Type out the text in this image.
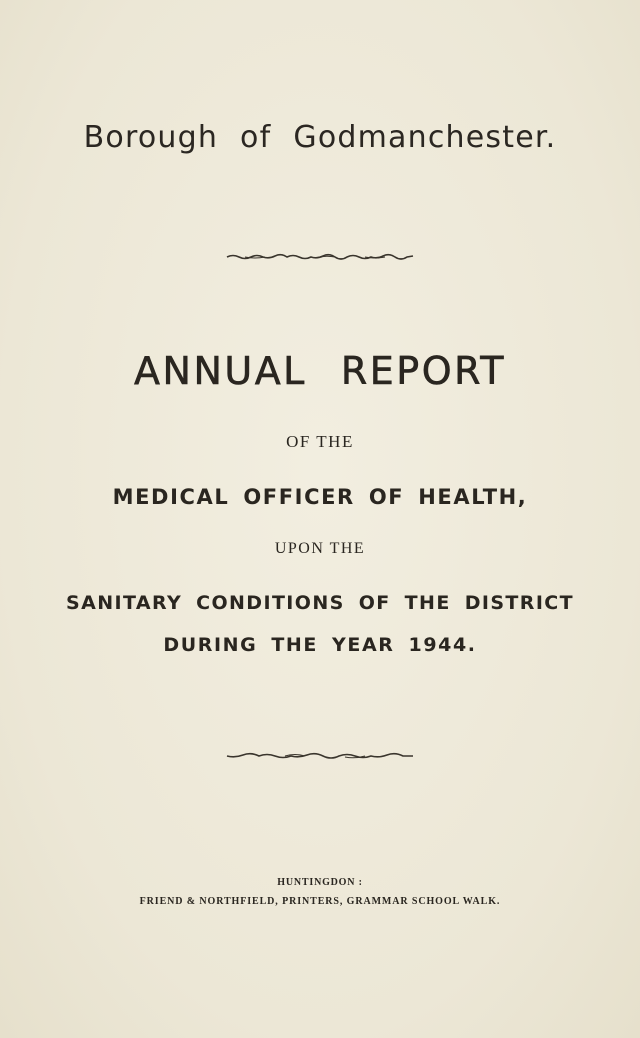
Borough of Godmanchester.
ANNUAL REPORT
OF THE
MEDICAL OFFICER OF HEALTH,
UPON THE
SANITARY CONDITIONS OF THE DISTRICT
DURING THE YEAR 1944.
HUNTINGDON :
FRIEND & NORTHFIELD, PRINTERS, GRAMMAR SCHOOL WALK.
